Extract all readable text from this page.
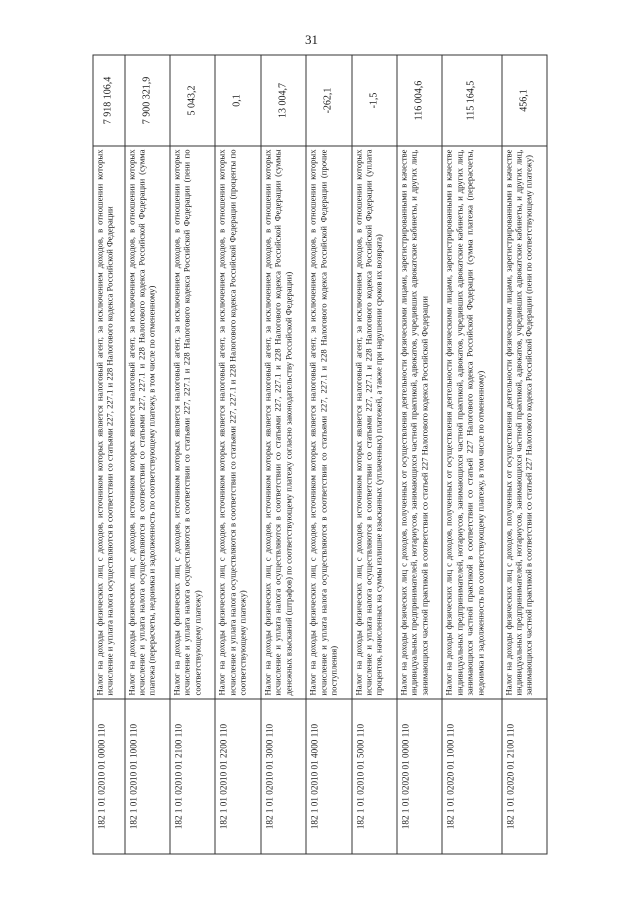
31
182 1 01 02010 01 0000 110	Налог на доходы физических лиц с доходов, источником которых является налоговый агент, за исключением доходов, в отношении которых исчисление и уплата налога осуществляются в соответствии со статьями 227, 227.1 и 228 Налогового кодекса Российской Федерации	7 918 106,4
182 1 01 02010 01 1000 110	Налог на доходы физических лиц с доходов, источником которых является налоговый агент, за исключением доходов, в отношении которых исчисление и уплата налога осуществляются в соответствии со статьями 227, 227.1 и 228 Налогового кодекса Российской Федерации (сумма платежа (перерасчеты, недоимка и задолженность по соответствующему платежу, в том числе по отмененному)	7 900 321,9
182 1 01 02010 01 2100 110	Налог на доходы физических лиц с доходов, источником которых является налоговый агент, за исключением доходов, в отношении которых исчисление и уплата налога осуществляются в соответствии со статьями 227, 227.1 и 228 Налогового кодекса Российской Федерации (пени по соответствующему платежу)	5 043,2
182 1 01 02010 01 2200 110	Налог на доходы физических лиц с доходов, источником которых является налоговый агент, за исключением доходов, в отношении которых исчисление и уплата налога осуществляются в соответствии со статьями 227, 227.1 и 228 Налогового кодекса Российской Федерации (проценты по соответствующему платежу)	0,1
182 1 01 02010 01 3000 110	Налог на доходы физических лиц с доходов, источником которых является налоговый агент, за исключением доходов, в отношении которых исчисление и уплата налога осуществляются в соответствии со статьями 227, 227.1 и 228 Налогового кодекса Российской Федерации (суммы денежных взысканий (штрафов) по соответствующему платежу согласно законодательству Российской Федерации)	13 004,7
182 1 01 02010 01 4000 110	Налог на доходы физических лиц с доходов, источником которых является налоговый агент, за исключением доходов, в отношении которых исчисление и уплата налога осуществляются в соответствии со статьями 227, 227.1 и 228 Налогового кодекса Российской Федерации (прочие поступления)	-262,1
182 1 01 02010 01 5000 110	Налог на доходы физических лиц с доходов, источником которых является налоговый агент, за исключением доходов, в отношении которых исчисление и уплата налога осуществляются в соответствии со статьями 227, 227.1 и 228 Налогового кодекса Российской Федерации (уплата процентов, начисленных на суммы излишне взысканных (уплаченных) платежей, а также при нарушении сроков их возврата)	-1,5
182 1 01 02020 01 0000 110	Налог на доходы физических лиц с доходов, полученных от осуществления деятельности физическими лицами, зарегистрированными в качестве индивидуальных предпринимателей, нотариусов, занимающихся частной практикой, адвокатов, учредивших адвокатские кабинеты, и других лиц, занимающихся частной практикой в соответствии со статьей 227 Налогового кодекса Российской Федерации	116 004,6
182 1 01 02020 01 1000 110	Налог на доходы физических лиц с доходов, полученных от осуществления деятельности физическими лицами, зарегистрированными в качестве индивидуальных предпринимателей, нотариусов, занимающихся частной практикой, адвокатов, учредивших адвокатские кабинеты, и других лиц, занимающихся частной практикой в соответствии со статьей 227 Налогового кодекса Российской Федерации (сумма платежа (перерасчеты, недоимка и задолженность по соответствующему платежу, в том числе по отмененному)	115 164,5
182 1 01 02020 01 2100 110	Налог на доходы физических лиц с доходов, полученных от осуществления деятельности физическими лицами, зарегистрированными в качестве индивидуальных предпринимателей, нотариусов, занимающихся частной практикой, адвокатов, учредивших адвокатские кабинеты, и других лиц, занимающихся частной практикой в соответствии со статьей 227 Налогового кодекса Российской Федерации (пени по соответствующему платежу)	456,1
